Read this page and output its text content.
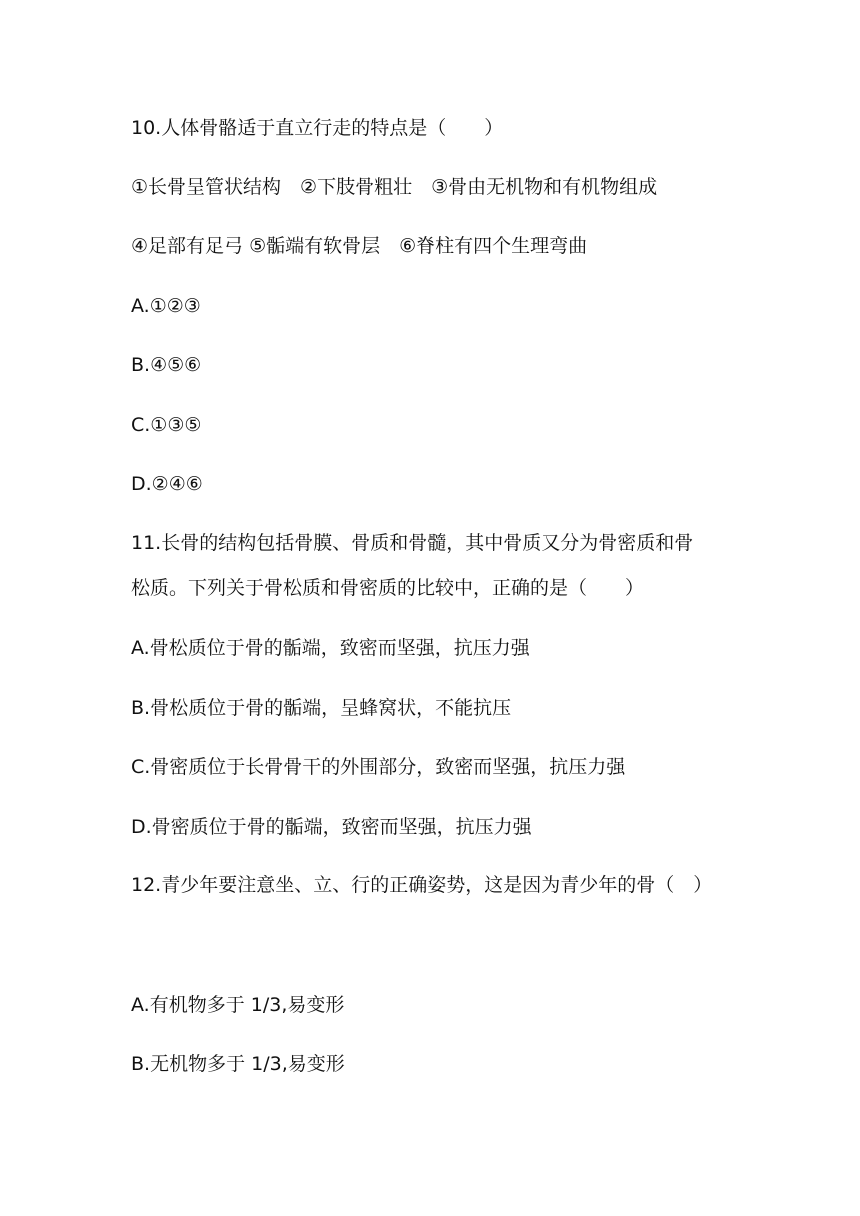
10.人体骨骼适于直立行走的特点是（　　）
①长骨呈管状结构　②下肢骨粗壮　③骨由无机物和有机物组成
④足部有足弓 ⑤骺端有软骨层　⑥脊柱有四个生理弯曲
A.①②③
B.④⑤⑥
C.①③⑤
D.②④⑥
11.长骨的结构包括骨膜、骨质和骨髓，其中骨质又分为骨密质和骨
松质。下列关于骨松质和骨密质的比较中，正确的是（　　）
A.骨松质位于骨的骺端，致密而坚强，抗压力强
B.骨松质位于骨的骺端，呈蜂窝状，不能抗压
C.骨密质位于长骨骨干的外围部分，致密而坚强，抗压力强
D.骨密质位于骨的骺端，致密而坚强，抗压力强
12.青少年要注意坐、立、行的正确姿势，这是因为青少年的骨（　）
A.有机物多于 1/3,易变形
B.无机物多于 1/3,易变形
